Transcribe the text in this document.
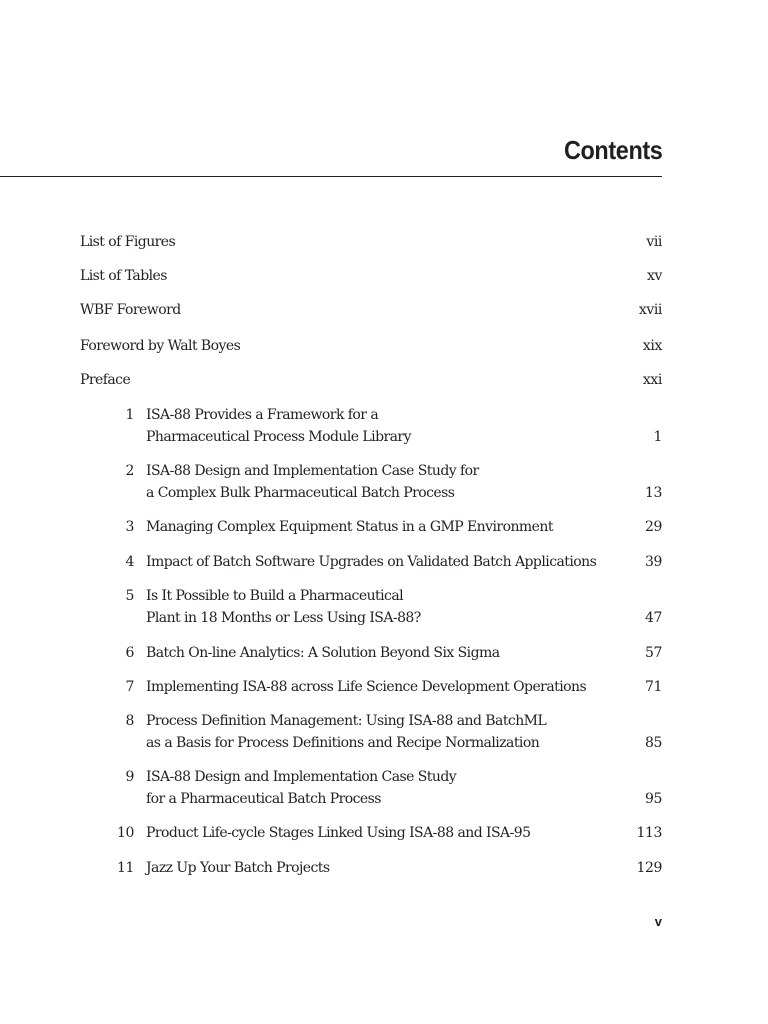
Contents
List of Figures	vii
List of Tables	xv
WBF Foreword	xvii
Foreword by Walt Boyes	xix
Preface	xxi
1 ISA-88 Provides a Framework for a
Pharmaceutical Process Module Library	1
2 ISA-88 Design and Implementation Case Study for
a Complex Bulk Pharmaceutical Batch Process	13
3 Managing Complex Equipment Status in a GMP Environment	29
4 Impact of Batch Software Upgrades on Validated Batch Applications	39
5 Is It Possible to Build a Pharmaceutical
Plant in 18 Months or Less Using ISA-88?	47
6 Batch On-line Analytics: A Solution Beyond Six Sigma	57
7 Implementing ISA-88 across Life Science Development Operations	71
8 Process Definition Management: Using ISA-88 and BatchML
as a Basis for Process Definitions and Recipe Normalization	85
9 ISA-88 Design and Implementation Case Study
for a Pharmaceutical Batch Process	95
10 Product Life-cycle Stages Linked Using ISA-88 and ISA-95	113
11 Jazz Up Your Batch Projects	129
v
